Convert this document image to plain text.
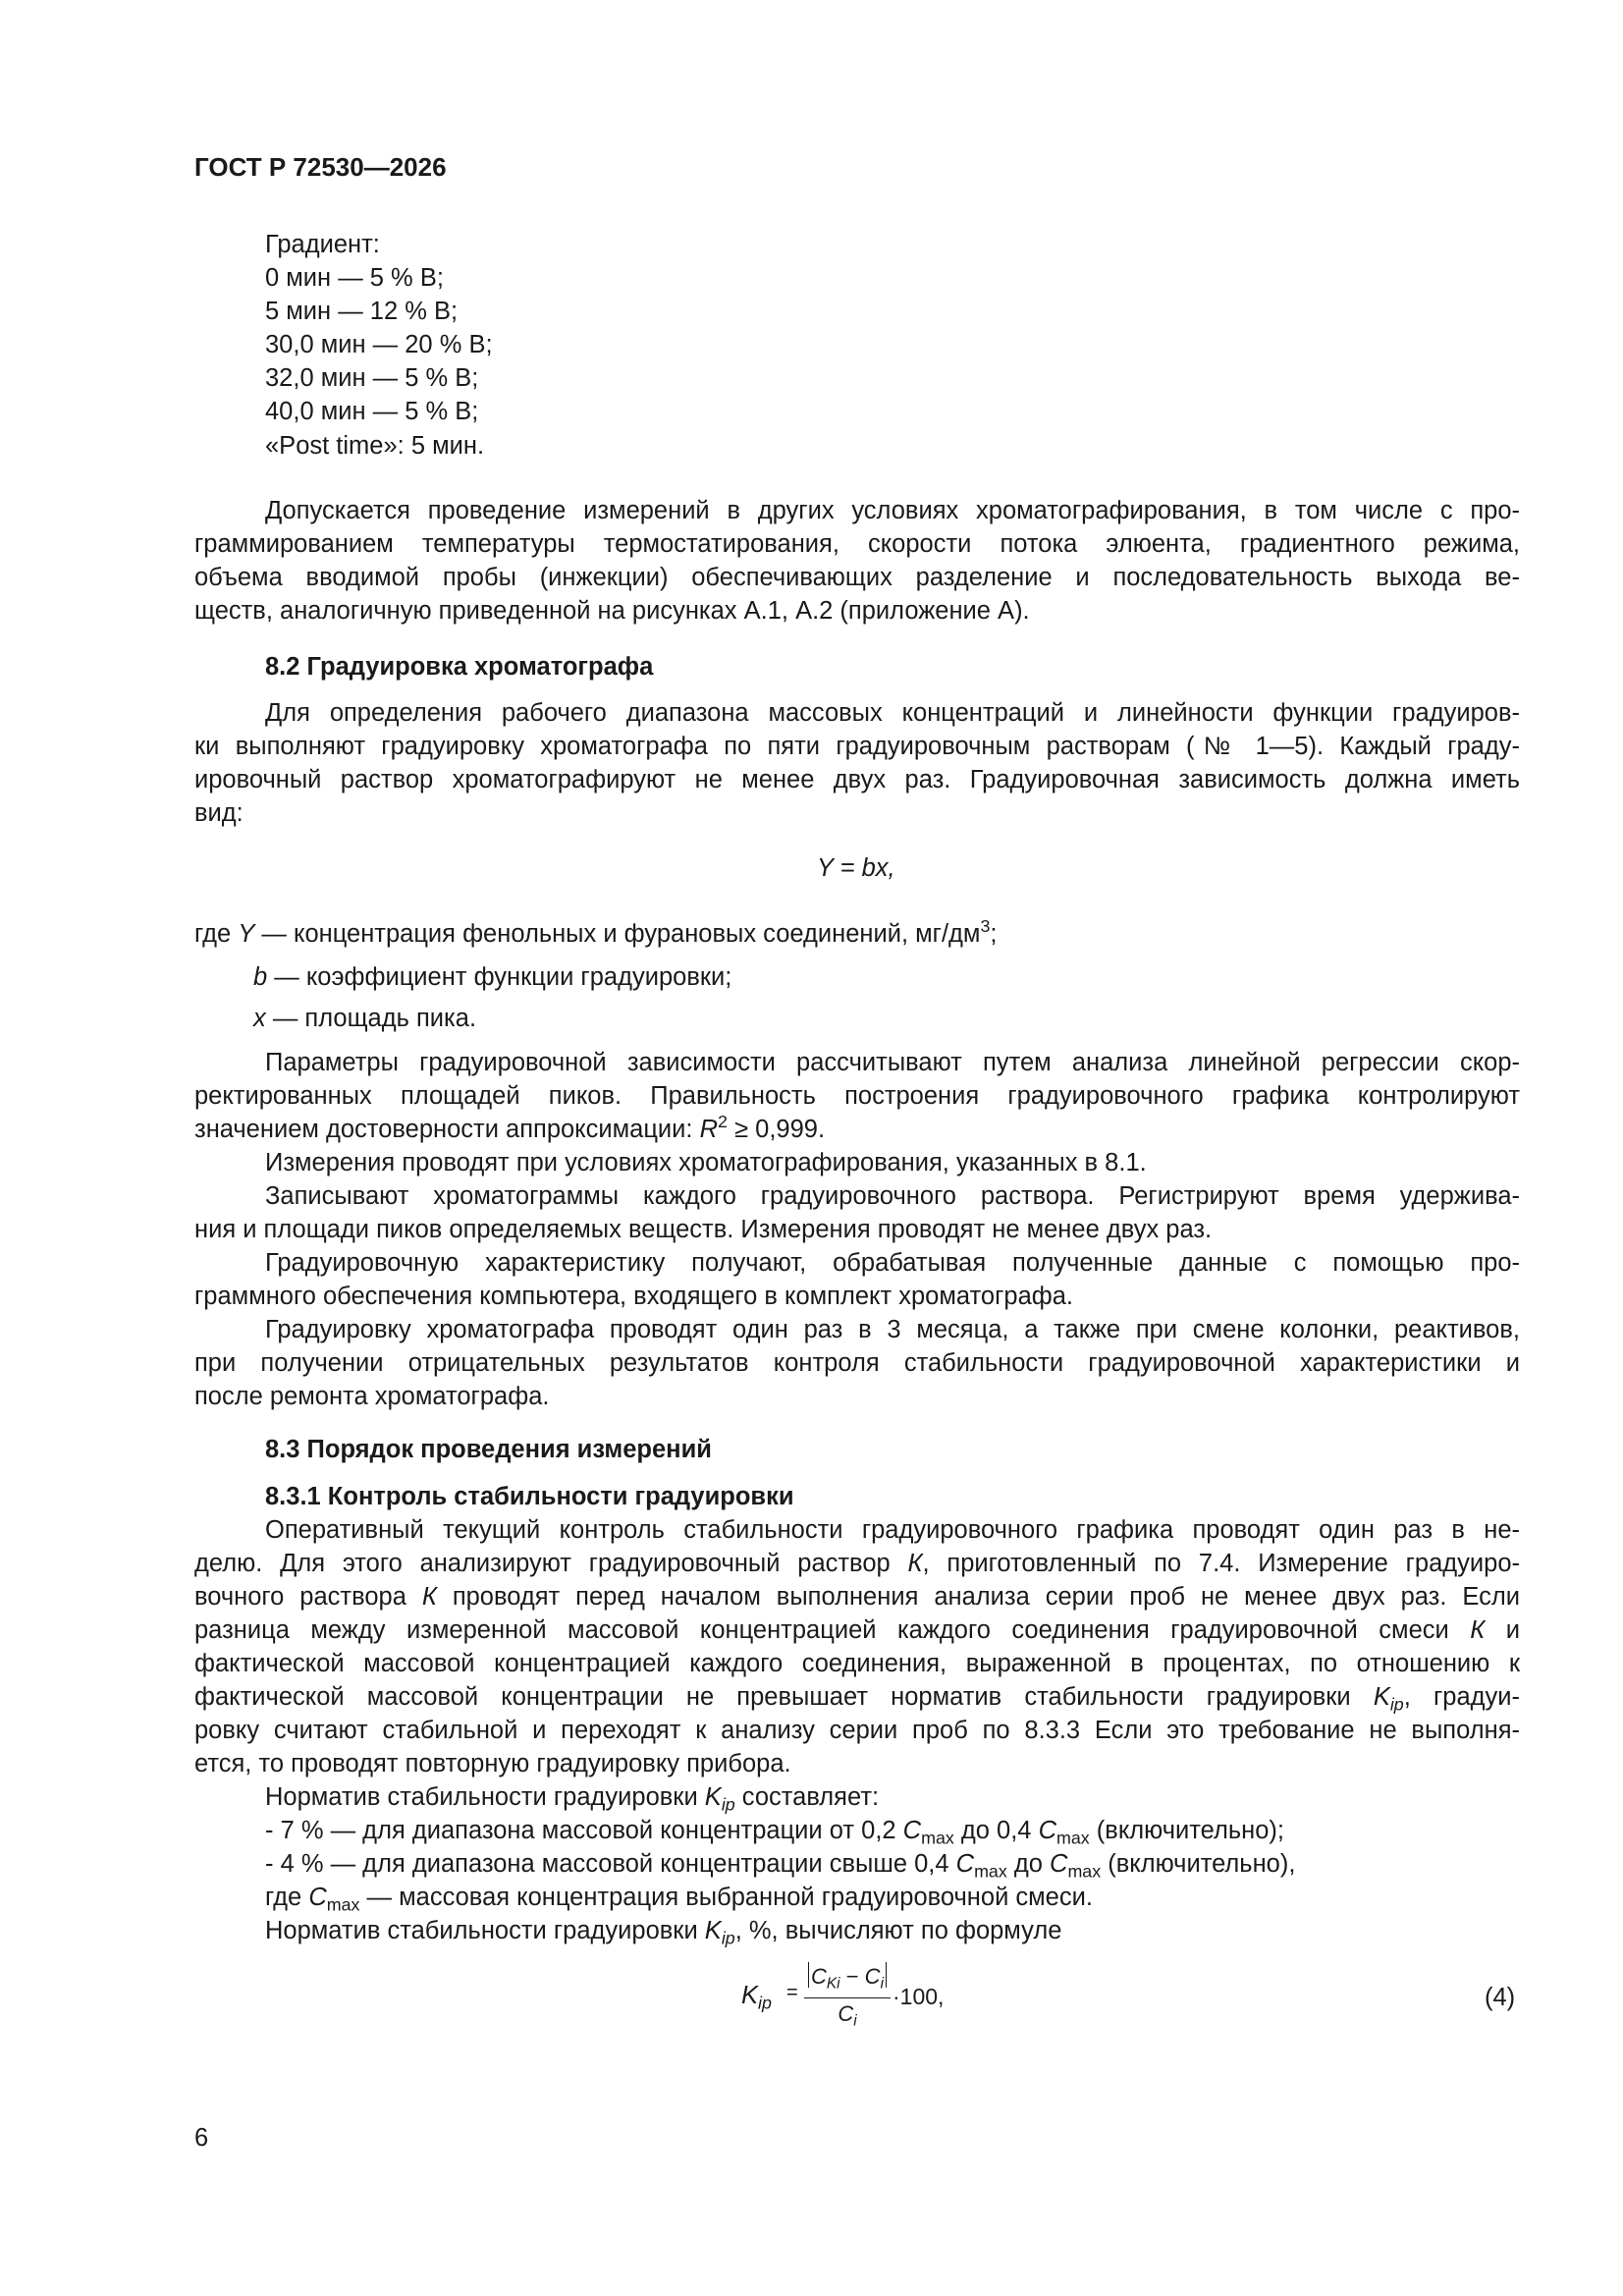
ГОСТ Р 72530—2026
Градиент:
0 мин — 5 % В;
5 мин — 12 % В;
30,0 мин — 20 % В;
32,0 мин — 5 % В;
40,0 мин — 5 % В;
«Post time»: 5 мин.
Допускается проведение измерений в других условиях хроматографирования, в том числе с про-
граммированием температуры термостатирования, скорости потока элюента, градиентного режима,
объема вводимой пробы (инжекции) обеспечивающих разделение и последовательность выхода ве-
ществ, аналогичную приведенной на рисунках А.1, А.2 (приложение А).
8.2 Градуировка хроматографа
Для определения рабочего диапазона массовых концентраций и линейности функции градуиров-
ки выполняют градуировку хроматографа по пяти градуировочным растворам (№ 1—5). Каждый граду-
ировочный раствор хроматографируют не менее двух раз. Градуировочная зависимость должна иметь
вид:
Y = bx,
где Y — концентрация фенольных и фурановых соединений, $мг/дм^3$;
b — коэффициент функции градуировки;
х — площадь пика.
Параметры градуировочной зависимости рассчитывают путем анализа линейной регрессии скор-
ректированных площадей пиков. Правильность построения градуировочного графика контролируют
значением достоверности аппроксимации: $R^2 \ge 0,999$.
Измерения проводят при условиях хроматографирования, указанных в 8.1.
Записывают хроматограммы каждого градуировочного раствора. Регистрируют время удержива-
ния и площади пиков определяемых веществ. Измерения проводят не менее двух раз.
Градуировочную характеристику получают, обрабатывая полученные данные с помощью про-
граммного обеспечения компьютера, входящего в комплект хроматографа.
Градуировку хроматографа проводят один раз в 3 месяца, а также при смене колонки, реактивов,
при получении отрицательных результатов контроля стабильности градуировочной характеристики и
после ремонта хроматографа.
8.3 Порядок проведения измерений
8.3.1 Контроль стабильности градуировки
Оперативный текущий контроль стабильности градуировочного графика проводят один раз в не-
делю. Для этого анализируют градуировочный раствор К, приготовленный по 7.4. Измерение градуиро-
вочного раствора К проводят перед началом выполнения анализа серии проб не менее двух раз. Если
разница между измеренной массовой концентрацией каждого соединения градуировочной смеси К и
фактической массовой концентрацией каждого соединения, выраженной в процентах, по отношению к
фактической массовой концентрации не превышает норматив стабильности градуировки $K_{ip}$, градуи-
ровку считают стабильной и переходят к анализу серии проб по 8.3.3 Если это требование не выполня-
ется, то проводят повторную градуировку прибора.
Норматив стабильности градуировки $K_{ip}$ составляет:
- 7 % — для диапазона массовой концентрации от 0,2 $C_{max}$ до 0,4 $C_{max}$ (включительно);
- 4 % — для диапазона массовой концентрации свыше 0,4 $C_{max}$ до $C_{max}$ (включительно),
где $C_{max}$ — массовая концентрация выбранной градуировочной смеси.
Норматив стабильности градуировки $K_{ip}$, %, вычисляют по формуле
$K_{ip}$ =
$C_{Ki} - C_i$
$C_i$
·100,	(4)
6
